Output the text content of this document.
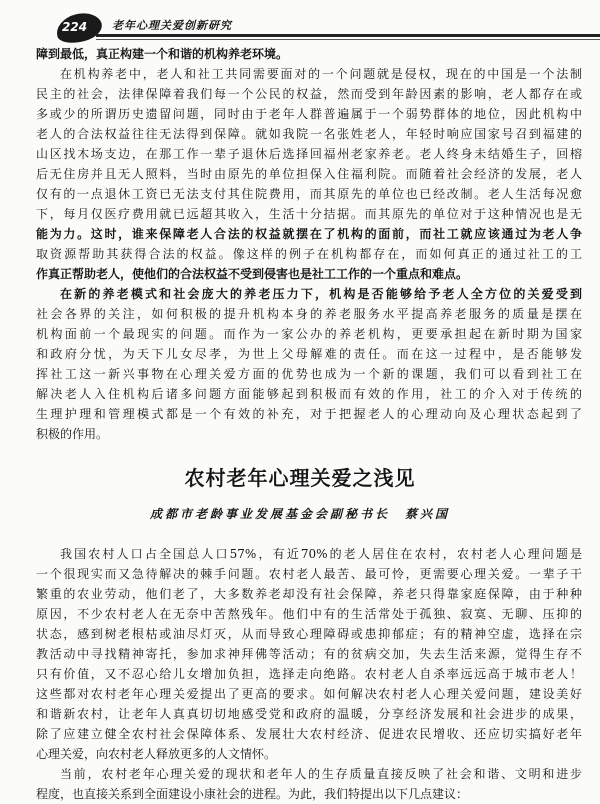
224 老年心理关爱创新研究
障到最低，真正构建一个和谐的机构养老环境。
在机构养老中，老人和社工共同需要面对的一个问题就是侵权，现在的中国是一个法制
民主的社会，法律保障着我们每一个公民的权益，然而受到年龄因素的影响，老人都存在或
多或少的所谓历史遗留问题，同时由于老年人群普遍属于一个弱势群体的地位，因此机构中
老人的合法权益往往无法得到保障。就如我院一名张姓老人，年轻时响应国家号召到福建的
山区找木场支边，在那工作一辈子退休后选择回福州老家养老。老人终身未结婚生子，回榕
后无住房并且无人照料，当时由原先的单位担保入住福利院。而随着社会经济的发展，老人
仅有的一点退休工资已无法支付其住院费用，而其原先的单位也已经改制。老人生活每况愈
下，每月仅医疗费用就已远超其收入，生活十分拮据。而其原先的单位对于这种情况也是无
能为力。这时，谁来保障老人合法的权益就摆在了机构的面前，而社工就应该通过为老人争
取资源帮助其获得合法的权益。像这样的例子在机构都存在，而如何真正的通过社工的工
作真正帮助老人，使他们的合法权益不受到侵害也是社工工作的一个重点和难点。
在新的养老模式和社会庞大的养老压力下，机构是否能够给予老人全方位的关爱受到
社会各界的关注，如何积极的提升机构本身的养老服务水平提高养老服务的质量是摆在
机构面前一个最现实的问题。而作为一家公办的养老机构，更要承担起在新时期为国家
和政府分忧，为天下儿女尽孝，为世上父母解难的责任。而在这一过程中，是否能够发
挥社工这一新兴事物在心理关爱方面的优势也成为一个新的课题，我们可以看到社工在
解决老人入住机构后诸多问题方面能够起到积极而有效的作用，社工的介入对于传统的
生理护理和管理模式都是一个有效的补充，对于把握老人的心理动向及心理状态起到了
积极的作用。
农村老年心理关爱之浅见
成都市老龄事业发展基金会副秘书长　蔡兴国
我国农村人口占全国总人口57%，有近70%的老人居住在农村，农村老人心理问题是
一个很现实而又急待解决的棘手问题。农村老人最苦、最可怜，更需要心理关爱。一辈子干
繁重的农业劳动，他们老了，大多数养老却没有社会保障，养老只得靠家庭保障，由于种种
原因，不少农村老人在无奈中苦熬残年。他们中有的生活常处于孤独、寂寞、无聊、压抑的
状态，感到树老根枯或油尽灯灭，从而导致心理障碍或患抑郁症；有的精神空虚，选择在宗
教活动中寻找精神寄托，参加求神拜佛等活动；有的贫病交加，失去生活来源，觉得生存不
只有价值，又不忍心给儿女增加负担，选择走向绝路。农村老人自杀率远远高于城市老人！
这些都对农村老年心理关爱提出了更高的要求。如何解决农村老人心理关爱问题，建设美好
和谐新农村，让老年人真真切切地感受党和政府的温暖，分享经济发展和社会进步的成果，
除了应建立健全农村社会保障体系、发展壮大农村经济、促进农民增收、还应切实搞好老年
心理关爱，向农村老人释放更多的人文情怀。
当前，农村老年心理关爱的现状和老年人的生存质量直接反映了社会和谐、文明和进步
程度，也直接关系到全面建设小康社会的进程。为此，我们特提出以下几点建议：
